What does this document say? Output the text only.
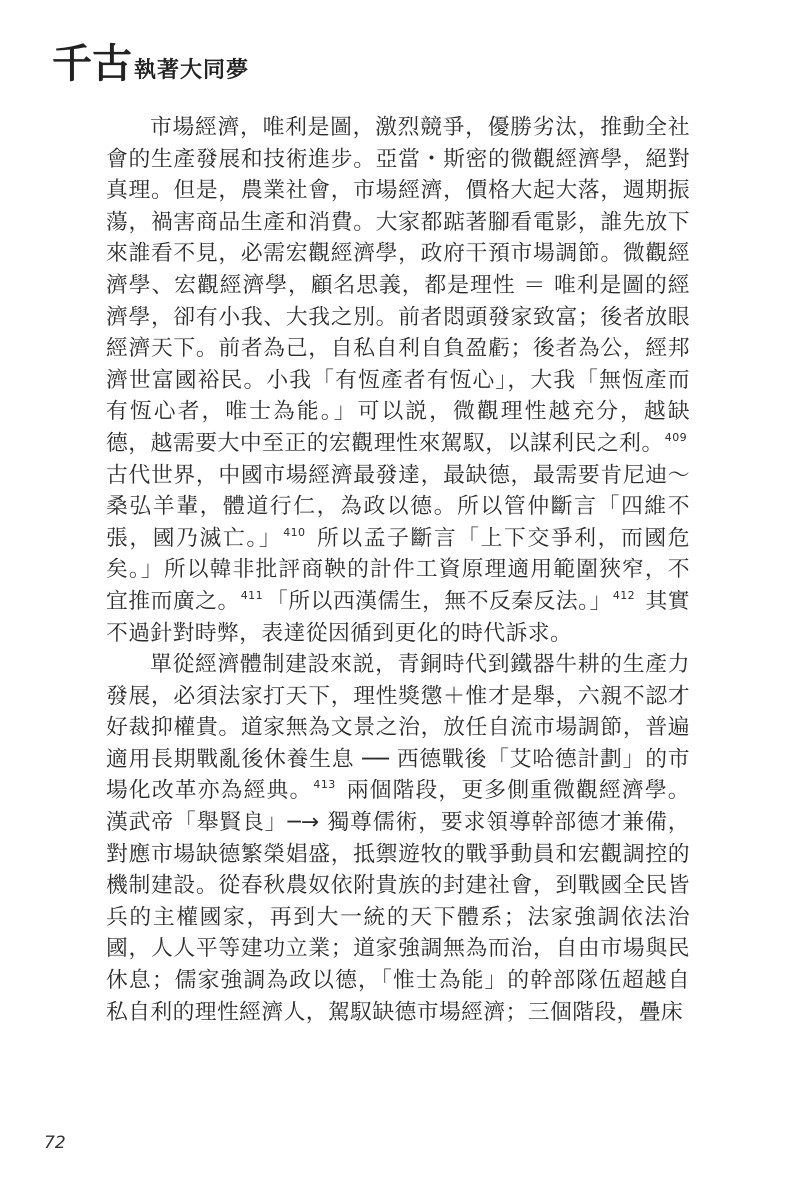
千古執著大同夢

市場經濟，唯利是圖，激烈競爭，優勝劣汰，推動全社會的生產發展和技術進步。亞當・斯密的微觀經濟學，絕對真理。但是，農業社會，市場經濟，價格大起大落，週期振蕩，禍害商品生產和消費。大家都踮著腳看電影，誰先放下來誰看不見，必需宏觀經濟學，政府干預市場調節。微觀經濟學、宏觀經濟學，顧名思義，都是理性 ＝ 唯利是圖的經濟學，卻有小我、大我之別。前者悶頭發家致富；後者放眼經濟天下。前者為己，自私自利自負盈虧；後者為公，經邦濟世富國裕民。小我「有恆產者有恆心」，大我「無恆產而有恆心者，唯士為能。」可以説，微觀理性越充分，越缺德，越需要大中至正的宏觀理性來駕馭，以謀利民之利。$^{409}$ 古代世界，中國市場經濟最發達，最缺德，最需要肯尼迪～桑弘羊輩，體道行仁，為政以德。所以管仲斷言「四維不張，國乃滅亡。」$^{410}$ 所以孟子斷言「上下交爭利，而國危矣。」所以韓非批評商鞅的計件工資原理適用範圍狹窄，不宜推而廣之。$^{411}$ 「所以西漢儒生，無不反秦反法。」$^{412}$ 其實不過針對時弊，表達從因循到更化的時代訴求。

單從經濟體制建設來説，青銅時代到鐵器牛耕的生產力發展，必須法家打天下，理性獎懲＋惟才是舉，六親不認才好裁抑權貴。道家無為文景之治，放任自流市場調節，普遍適用長期戰亂後休養生息 ── 西德戰後「艾哈德計劃」的市場化改革亦為經典。$^{413}$ 兩個階段，更多側重微觀經濟學。漢武帝「舉賢良」─→ 獨尊儒術，要求領導幹部德才兼備，對應市場缺德繁榮娼盛，抵禦遊牧的戰爭動員和宏觀調控的機制建設。從春秋農奴依附貴族的封建社會，到戰國全民皆兵的主權國家，再到大一統的天下體系；法家強調依法治國，人人平等建功立業；道家強調無為而治，自由市場與民休息；儒家強調為政以德，「惟士為能」的幹部隊伍超越自私自利的理性經濟人，駕馭缺德市場經濟；三個階段，疊床

72
